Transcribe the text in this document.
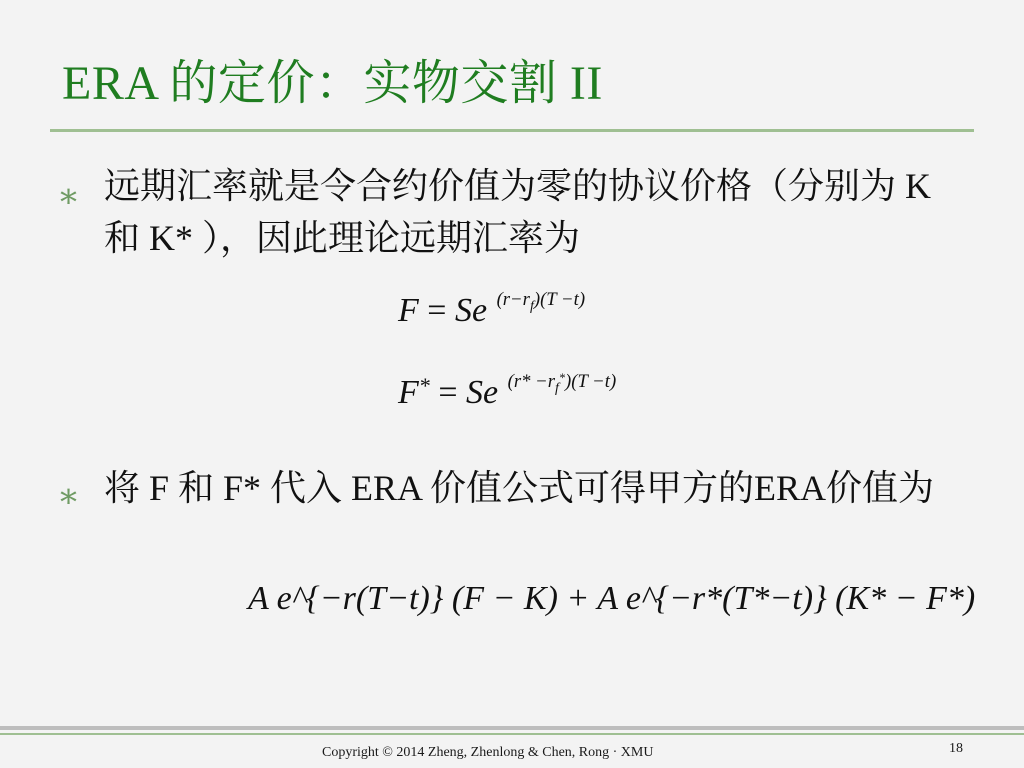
ERA 的定价：实物交割 II
⁎ 远期汇率就是令合约价值为零的协议价格（分别为 K 和 K* ），因此理论远期汇率为

F = Se $^{(r-r_f)(T -t)}$
F* = Se $^{(r* -r_f^*)(T -t)}$
⁎ 将 F 和 F* 代入 ERA 价值公式可得甲方的ERA价值为

A e^{−r(T−t)} (F − K) + A e^{−r*(T*−t)} (K* − F*)
Copyright © 2014 Zheng, Zhenlong & Chen, Rong · XMU	18
